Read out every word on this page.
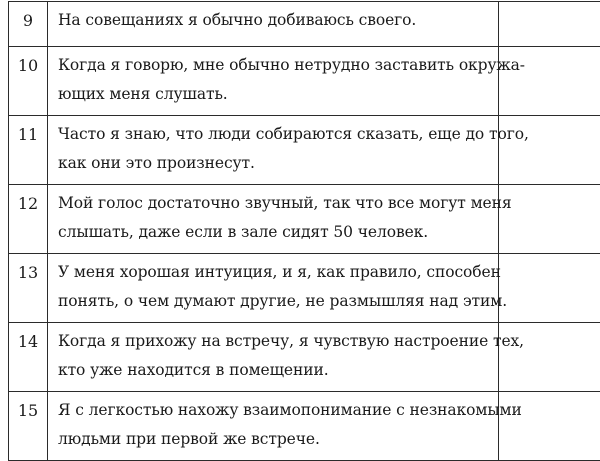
9	На совещаниях я обычно добиваюсь своего.	

10	Когда я говорю, мне обычно нетрудно заставить окружа-
ющих меня слушать.	

11	Часто я знаю, что люди собираются сказать, еще до того,
как они это произнесут.	

12	Мой голос достаточно звучный, так что все могут меня
слышать, даже если в зале сидят 50 человек.	

13	У меня хорошая интуиция, и я, как правило, способен
понять, о чем думают другие, не размышляя над этим.	

14	Когда я прихожу на встречу, я чувствую настроение тех,
кто уже находится в помещении.	

15	Я с легкостью нахожу взаимопонимание с незнакомыми
людьми при первой же встрече.	
